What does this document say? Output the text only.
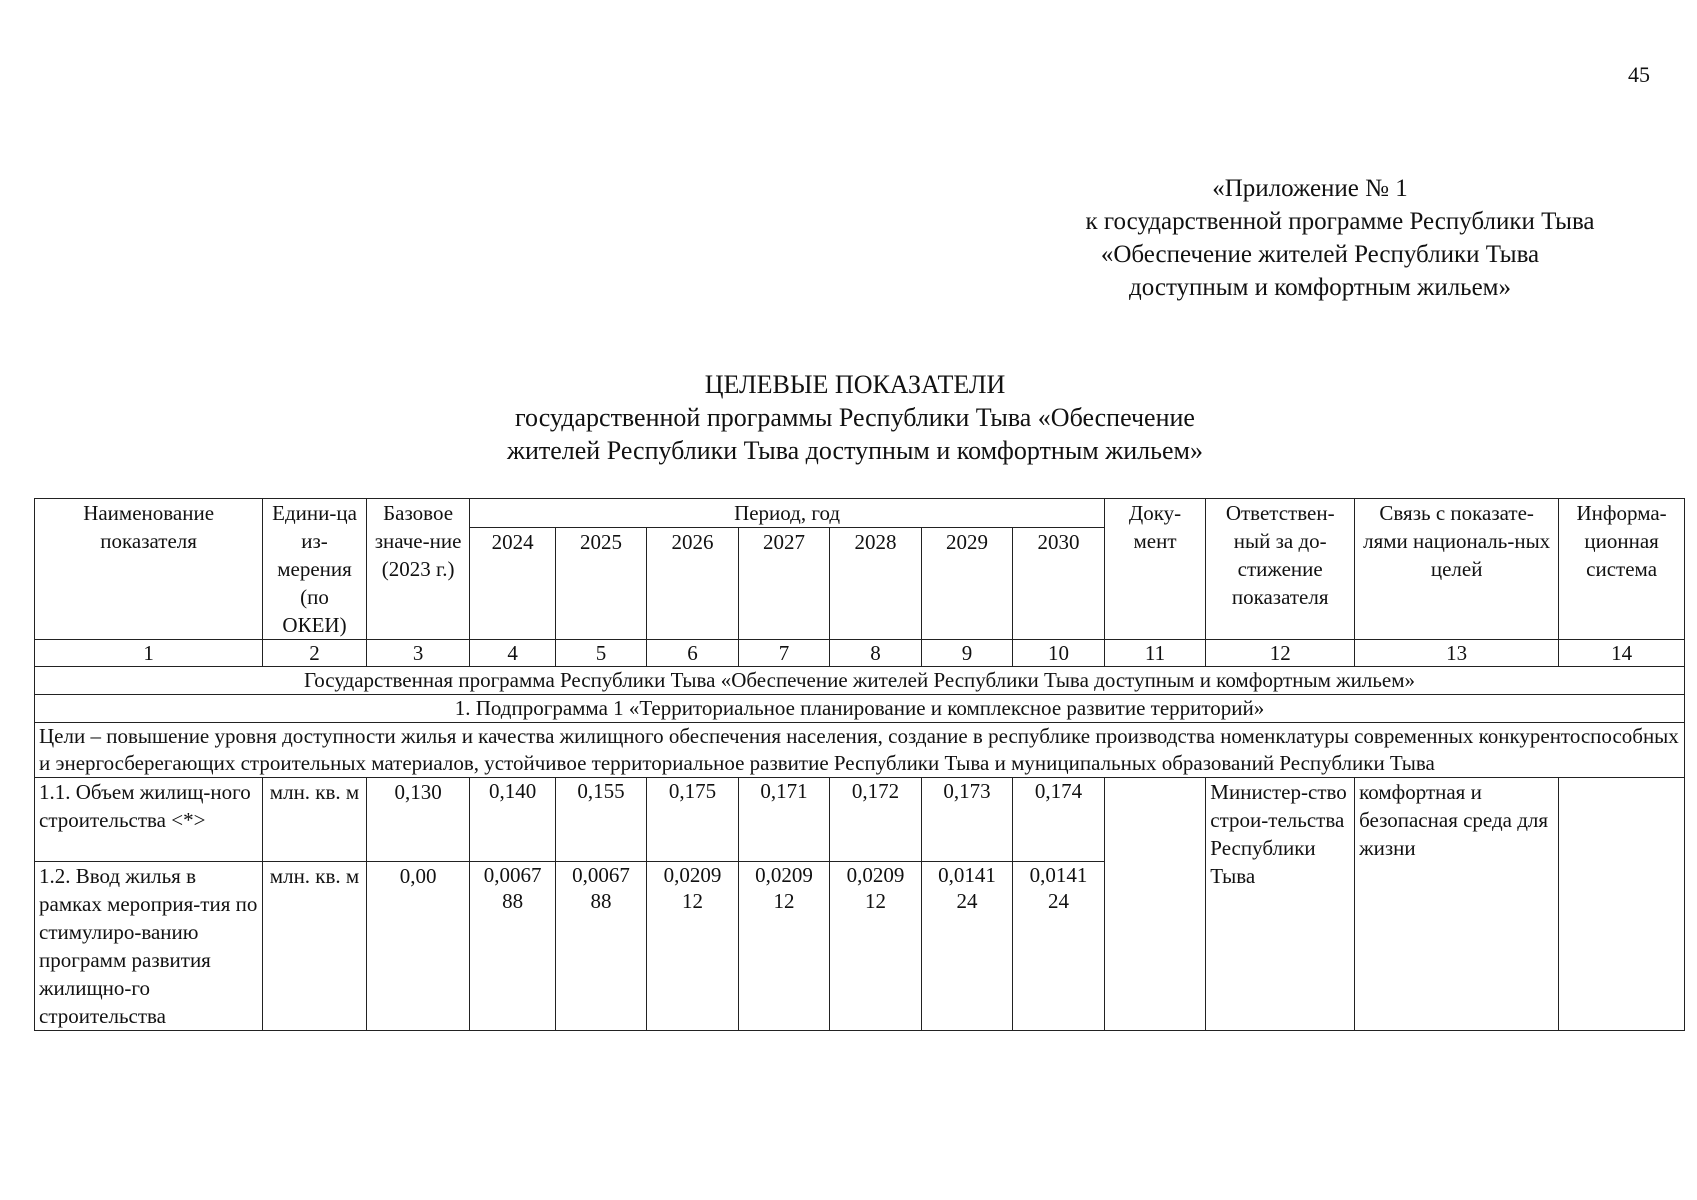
45
«Приложение № 1
к государственной программе Республики Тыва
«Обеспечение жителей Республики Тыва
доступным и комфортным жильем»
ЦЕЛЕВЫЕ ПОКАЗАТЕЛИ
государственной программы Республики Тыва «Обеспечение
жителей Республики Тыва доступным и комфортным жильем»
Наименование показателя	Едини-ца из-мерения (по ОКЕИ)	Базовое значе-ние (2023 г.)	Период, год							Доку-мент	Ответствен-ный за до-стижение показателя	Связь с показате-лями националь-ных целей	Информа-ционная система
			2024	2025	2026	2027	2028	2029	2030				
1	2	3	4	5	6	7	8	9	10	11	12	13	14
Государственная программа Республики Тыва «Обеспечение жителей Республики Тыва доступным и комфортным жильем»													
1. Подпрограмма 1 «Территориальное планирование и комплексное развитие территорий»													
Цели – повышение уровня доступности жилья и качества жилищного обеспечения населения, создание в республике производства номенклатуры современных конкурентоспособных и энергосберегающих строительных материалов, устойчивое территориальное развитие Республики Тыва и муниципальных образований Республики Тыва													
1.1. Объем жилищ-ного строительства <*>	млн. кв. м	0,130	0,140	0,155	0,175	0,171	0,172	0,173	0,174		Министер-ство строи-тельства Республики Тыва	комфортная и безопасная среда для жизни	
1.2. Ввод жилья в рамках мероприя-тия по стимулиро-ванию программ развития жилищно-го строительства	млн. кв. м	0,00	0,0067 88	0,0067 88	0,0209 12	0,0209 12	0,0209 12	0,0141 24	0,0141 24				
